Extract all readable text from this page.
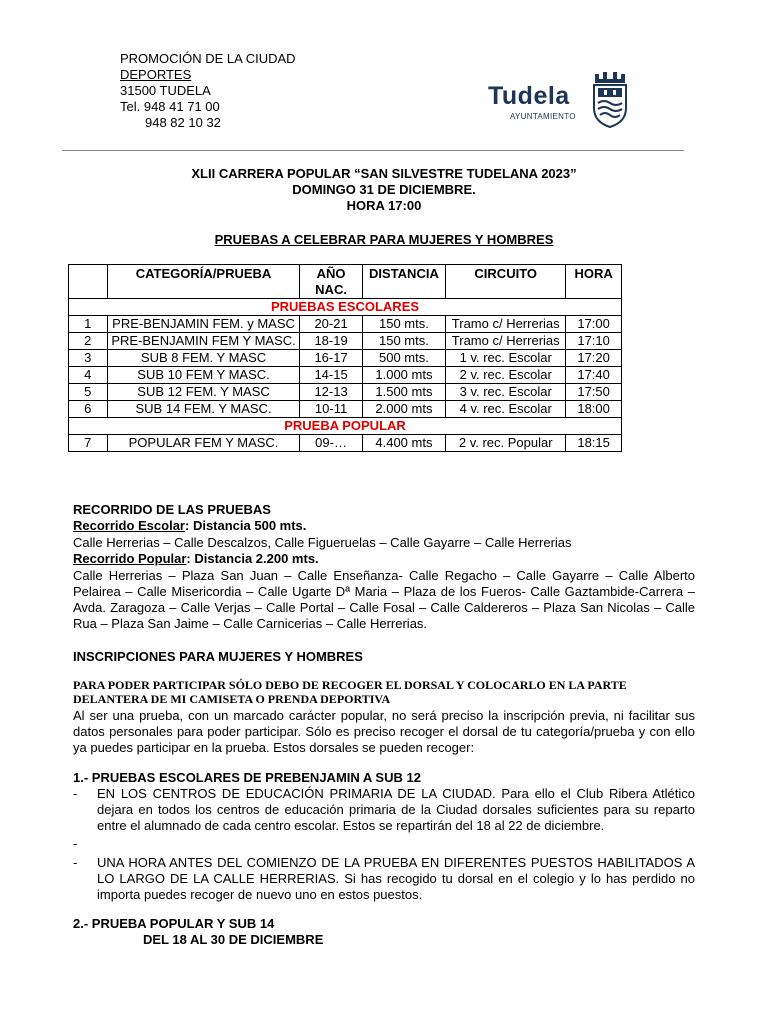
PROMOCIÓN DE LA CIUDAD
DEPORTES
31500 TUDELA
Tel. 948 41 71 00
948 82 10 32
Tudela
AYUNTAMIENTO
XLII CARRERA POPULAR “SAN SILVESTRE TUDELANA 2023”
DOMINGO 31 DE DICIEMBRE.
HORA 17:00
PRUEBAS A CELEBRAR PARA MUJERES Y HOMBRES
	CATEGORÍA/PRUEBA	AÑO NAC.	DISTANCIA	CIRCUITO	HORA
PRUEBAS ESCOLARES					
1	PRE-BENJAMIN FEM. y MASC	20-21	150 mts.	Tramo c/ Herrerias	17:00
2	PRE-BENJAMIN FEM Y MASC.	18-19	150 mts.	Tramo c/ Herrerias	17:10
3	SUB 8 FEM. Y MASC	16-17	500 mts.	1 v. rec. Escolar	17:20
4	SUB 10 FEM Y MASC.	14-15	1.000 mts	2 v. rec. Escolar	17:40
5	SUB 12 FEM. Y MASC	12-13	1.500 mts	3 v. rec. Escolar	17:50
6	SUB 14 FEM. Y MASC.	10-11	2.000 mts	4 v. rec. Escolar	18:00
PRUEBA POPULAR					
7	POPULAR FEM Y MASC.	09-…	4.400 mts	2 v. rec. Popular	18:15
RECORRIDO DE LAS PRUEBAS
Recorrido Escolar: Distancia 500 mts.
Calle Herrerias – Calle Descalzos, Calle Figueruelas – Calle Gayarre – Calle Herrerias
Recorrido Popular: Distancia 2.200 mts.
Calle Herrerias – Plaza San Juan – Calle Enseñanza- Calle Regacho – Calle Gayarre – Calle Alberto Pelairea – Calle Misericordia – Calle Ugarte Dª Maria – Plaza de los Fueros- Calle Gaztambide-Carrera – Avda. Zaragoza – Calle Verjas – Calle Portal – Calle Fosal – Calle Caldereros – Plaza San Nicolas – Calle Rua – Plaza San Jaime – Calle Carnicerias – Calle Herrerias.
INSCRIPCIONES PARA MUJERES Y HOMBRES
PARA PODER PARTICIPAR SÓLO DEBO DE RECOGER EL DORSAL Y COLOCARLO EN LA PARTE DELANTERA DE MI CAMISETA O PRENDA DEPORTIVA
Al ser una prueba, con un marcado carácter popular, no será preciso la inscripción previa, ni facilitar sus datos personales para poder participar. Sólo es preciso recoger el dorsal de tu categoría/prueba y con ello ya puedes participar en la prueba. Estos dorsales se pueden recoger:
1.- PRUEBAS ESCOLARES DE PREBENJAMIN A SUB 12
- EN LOS CENTROS DE EDUCACIÓN PRIMARIA DE LA CIUDAD. Para ello el Club Ribera Atlético dejara en todos los centros de educación primaria de la Ciudad dorsales suficientes para su reparto entre el alumnado de cada centro escolar. Estos se repartirán del 18 al 22 de diciembre.
-
- UNA HORA ANTES DEL COMIENZO DE LA PRUEBA EN DIFERENTES PUESTOS HABILITADOS A LO LARGO DE LA CALLE HERRERIAS. Si has recogido tu dorsal en el colegio y lo has perdido no importa puedes recoger de nuevo uno en estos puestos.
2.- PRUEBA POPULAR Y SUB 14
DEL 18 AL 30 DE DICIEMBRE
